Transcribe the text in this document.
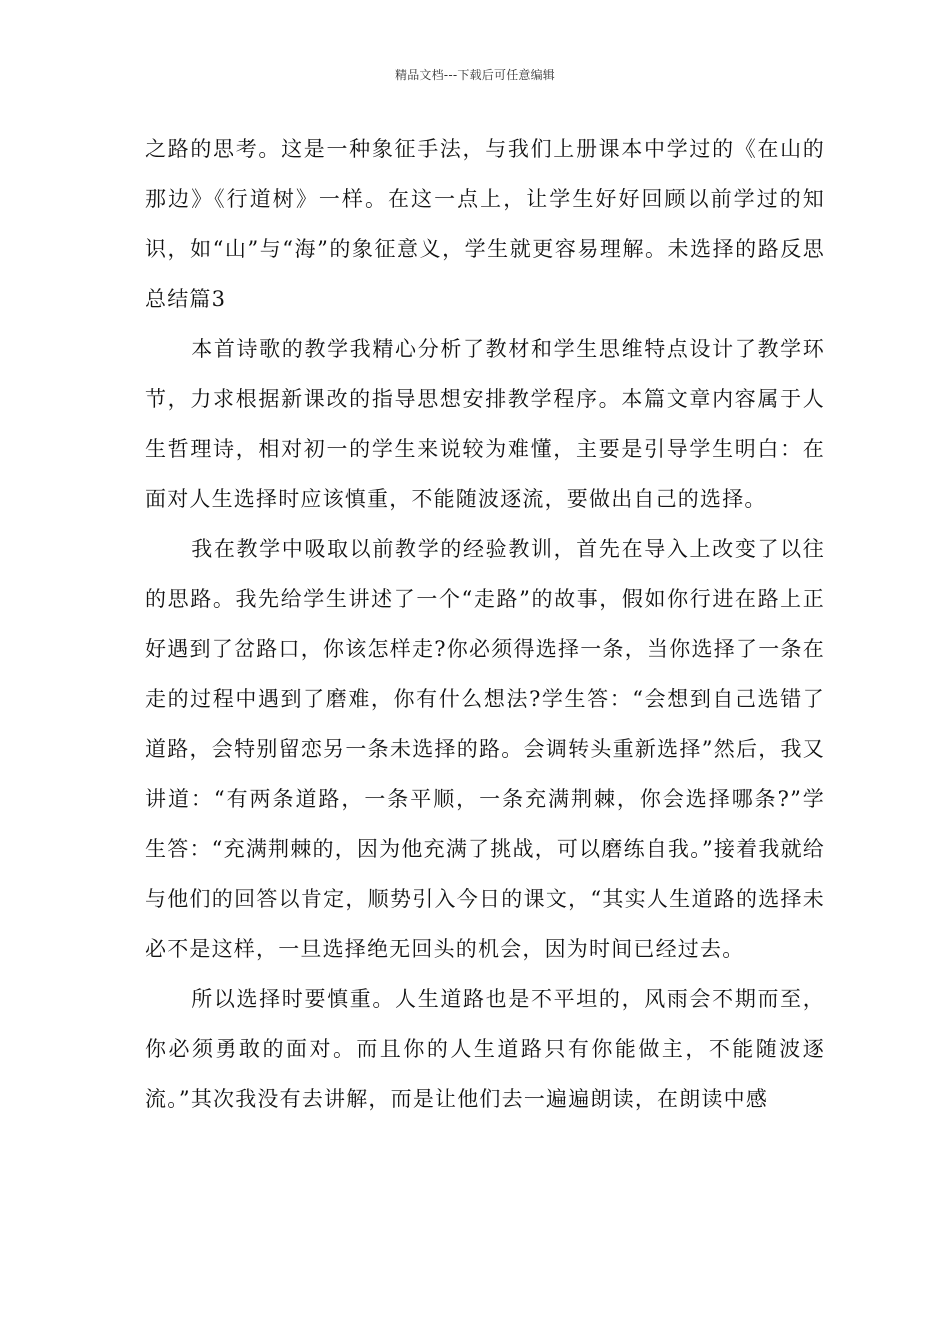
精品文档---下载后可任意编辑

之路的思考。这是一种象征手法，与我们上册课本中学过的《在山的那边》《行道树》一样。在这一点上，让学生好好回顾以前学过的知识，如“山”与“海”的象征意义，学生就更容易理解。未选择的路反思总结篇3

本首诗歌的教学我精心分析了教材和学生思维特点设计了教学环节，力求根据新课改的指导思想安排教学程序。本篇文章内容属于人生哲理诗，相对初一的学生来说较为难懂，主要是引导学生明白：在面对人生选择时应该慎重，不能随波逐流，要做出自己的选择。

我在教学中吸取以前教学的经验教训，首先在导入上改变了以往的思路。我先给学生讲述了一个“走路”的故事，假如你行进在路上正好遇到了岔路口，你该怎样走?你必须得选择一条，当你选择了一条在走的过程中遇到了磨难，你有什么想法?学生答：“会想到自己选错了道路，会特别留恋另一条未选择的路。会调转头重新选择”然后，我又讲道：“有两条道路，一条平顺，一条充满荆棘，你会选择哪条?”学生答：“充满荆棘的，因为他充满了挑战，可以磨练自我。”接着我就给与他们的回答以肯定，顺势引入今日的课文，“其实人生道路的选择未必不是这样，一旦选择绝无回头的机会，因为时间已经过去。

所以选择时要慎重。人生道路也是不平坦的，风雨会不期而至，你必须勇敢的面对。而且你的人生道路只有你能做主，不能随波逐流。”其次我没有去讲解，而是让他们去一遍遍朗读，在朗读中感
